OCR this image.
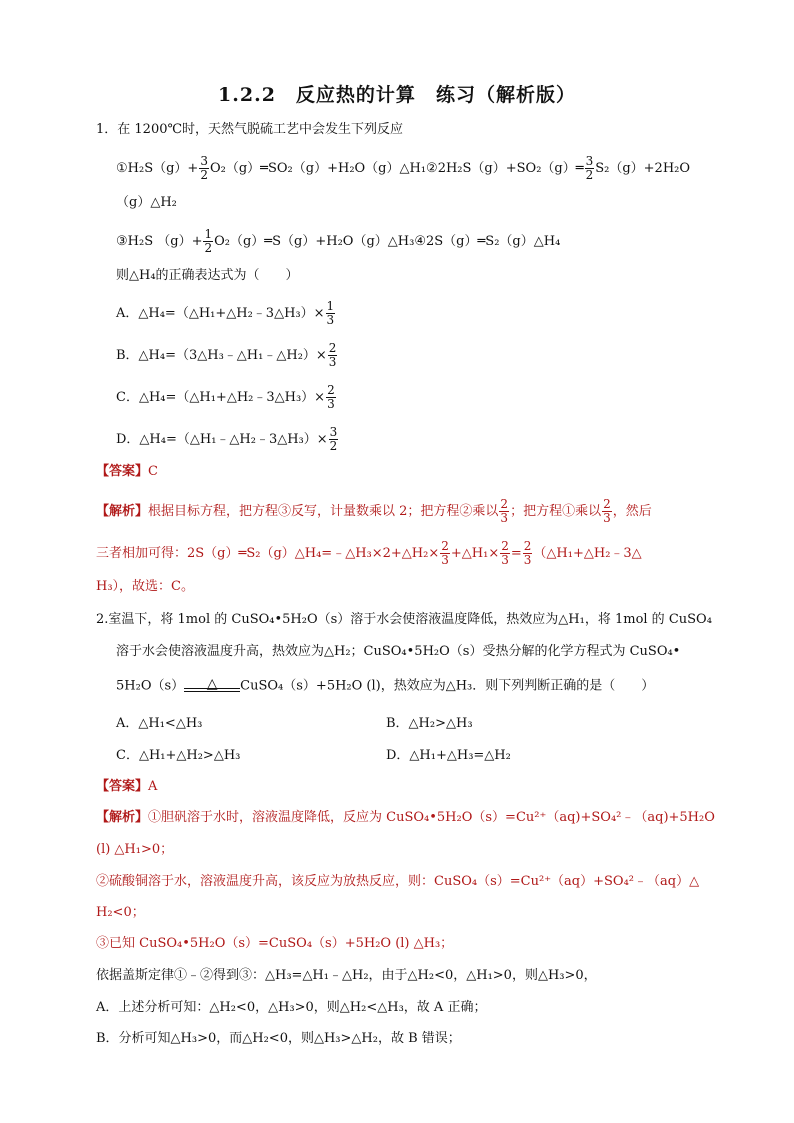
1.2.2　反应热的计算　练习（解析版）
1．在 1200℃时，天然气脱硫工艺中会发生下列反应
①H₂S（g）+ $\frac{3}{2}$ O₂（g）═SO₂（g）+H₂O（g）△H₁②2H₂S（g）+SO₂（g）═ $\frac{3}{2} S_2(g)+2H_2O$
（g）△H₂
③H₂S $(g)+ \frac{1}{2}$ O₂（g）═S（g）+H₂O（g）△H₃④2S（g）═S₂（g）△H₄
则△H₄的正确表达式为（　　）
A．△H₄=（△H₁+△H₂﹣3△H₃）× $\frac{1}{3}$
B．△H₄=（3△H₃﹣△H₁﹣△H₂）× $\frac{2}{3}$
C．△H₄=（△H₁+△H₂﹣3△H₃）× $\frac{2}{3}$
D．△H₄=（△H₁﹣△H₂﹣3△H₃）× $\frac{3}{2}$
【答案】C
【解析】根据目标方程，把方程③反写，计量数乘以 2；把方程②乘以 $\frac{2}{3}$ ；把方程①乘以 $\frac{2}{3}$ ，然后
三者相加可得：2S（g）═S₂（g）△H₄=﹣△H₃×2+△H₂× $\frac{2}{3}$ +△H₁× $\frac{2}{3} = \frac{2}{3}$ （△H₁+△H₂﹣3△
H₃），故选：C。
2.室温下，将 1mol 的 CuSO₄•5H₂O（s）溶于水会使溶液温度降低，热效应为△H₁，将 1mol 的 CuSO₄
溶于水会使溶液温度升高，热效应为△H₂；CuSO₄•5H₂O（s）受热分解的化学方程式为 CuSO₄•
5H₂O（s）	△	CuSO₄（s）+5H₂O (l)，热效应为△H₃．则下列判断正确的是（　　）
A．△H₁<△H₃	B．△H₂>△H₃
C．△H₁+△H₂>△H₃	D．△H₁+△H₃=△H₂
【答案】A
【解析】①胆矾溶于水时，溶液温度降低，反应为 CuSO₄•5H₂O（s）=Cu²⁺（aq)+SO₄²﹣（aq)+5H₂O
(l) △H₁>0；
②硫酸铜溶于水，溶液温度升高，该反应为放热反应，则：CuSO₄（s）=Cu²⁺（aq）+SO₄²﹣（aq）△
H₂<0；
③已知 CuSO₄•5H₂O（s）=CuSO₄（s）+5H₂O (l) △H₃；
依据盖斯定律①﹣②得到③：△H₃=△H₁﹣△H₂，由于△H₂<0，△H₁>0，则△H₃>0，
A．上述分析可知：△H₂<0，△H₃>0，则△H₂<△H₃，故 A 正确；
B．分析可知△H₃>0，而△H₂<0，则△H₃>△H₂，故 B 错误；
